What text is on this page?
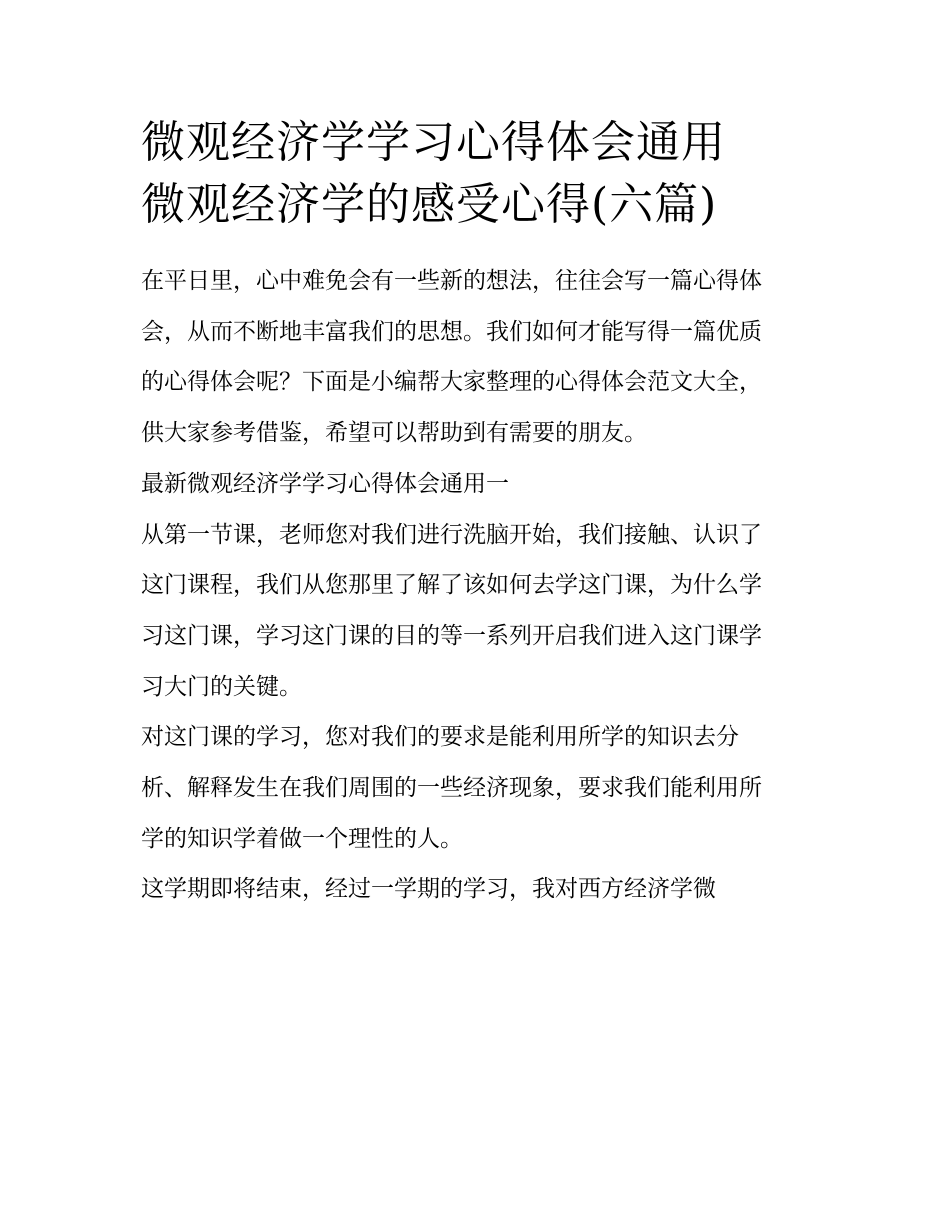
微观经济学学习心得体会通用
微观经济学的感受心得(六篇)

在平日里，心中难免会有一些新的想法，往往会写一篇心得体
会，从而不断地丰富我们的思想。我们如何才能写得一篇优质
的心得体会呢？下面是小编帮大家整理的心得体会范文大全，
供大家参考借鉴，希望可以帮助到有需要的朋友。

最新微观经济学学习心得体会通用一

从第一节课，老师您对我们进行洗脑开始，我们接触、认识了
这门课程，我们从您那里了解了该如何去学这门课，为什么学
习这门课，学习这门课的目的等一系列开启我们进入这门课学
习大门的关键。

对这门课的学习，您对我们的要求是能利用所学的知识去分
析、解释发生在我们周围的一些经济现象，要求我们能利用所
学的知识学着做一个理性的人。

这学期即将结束，经过一学期的学习，我对西方经济学微
